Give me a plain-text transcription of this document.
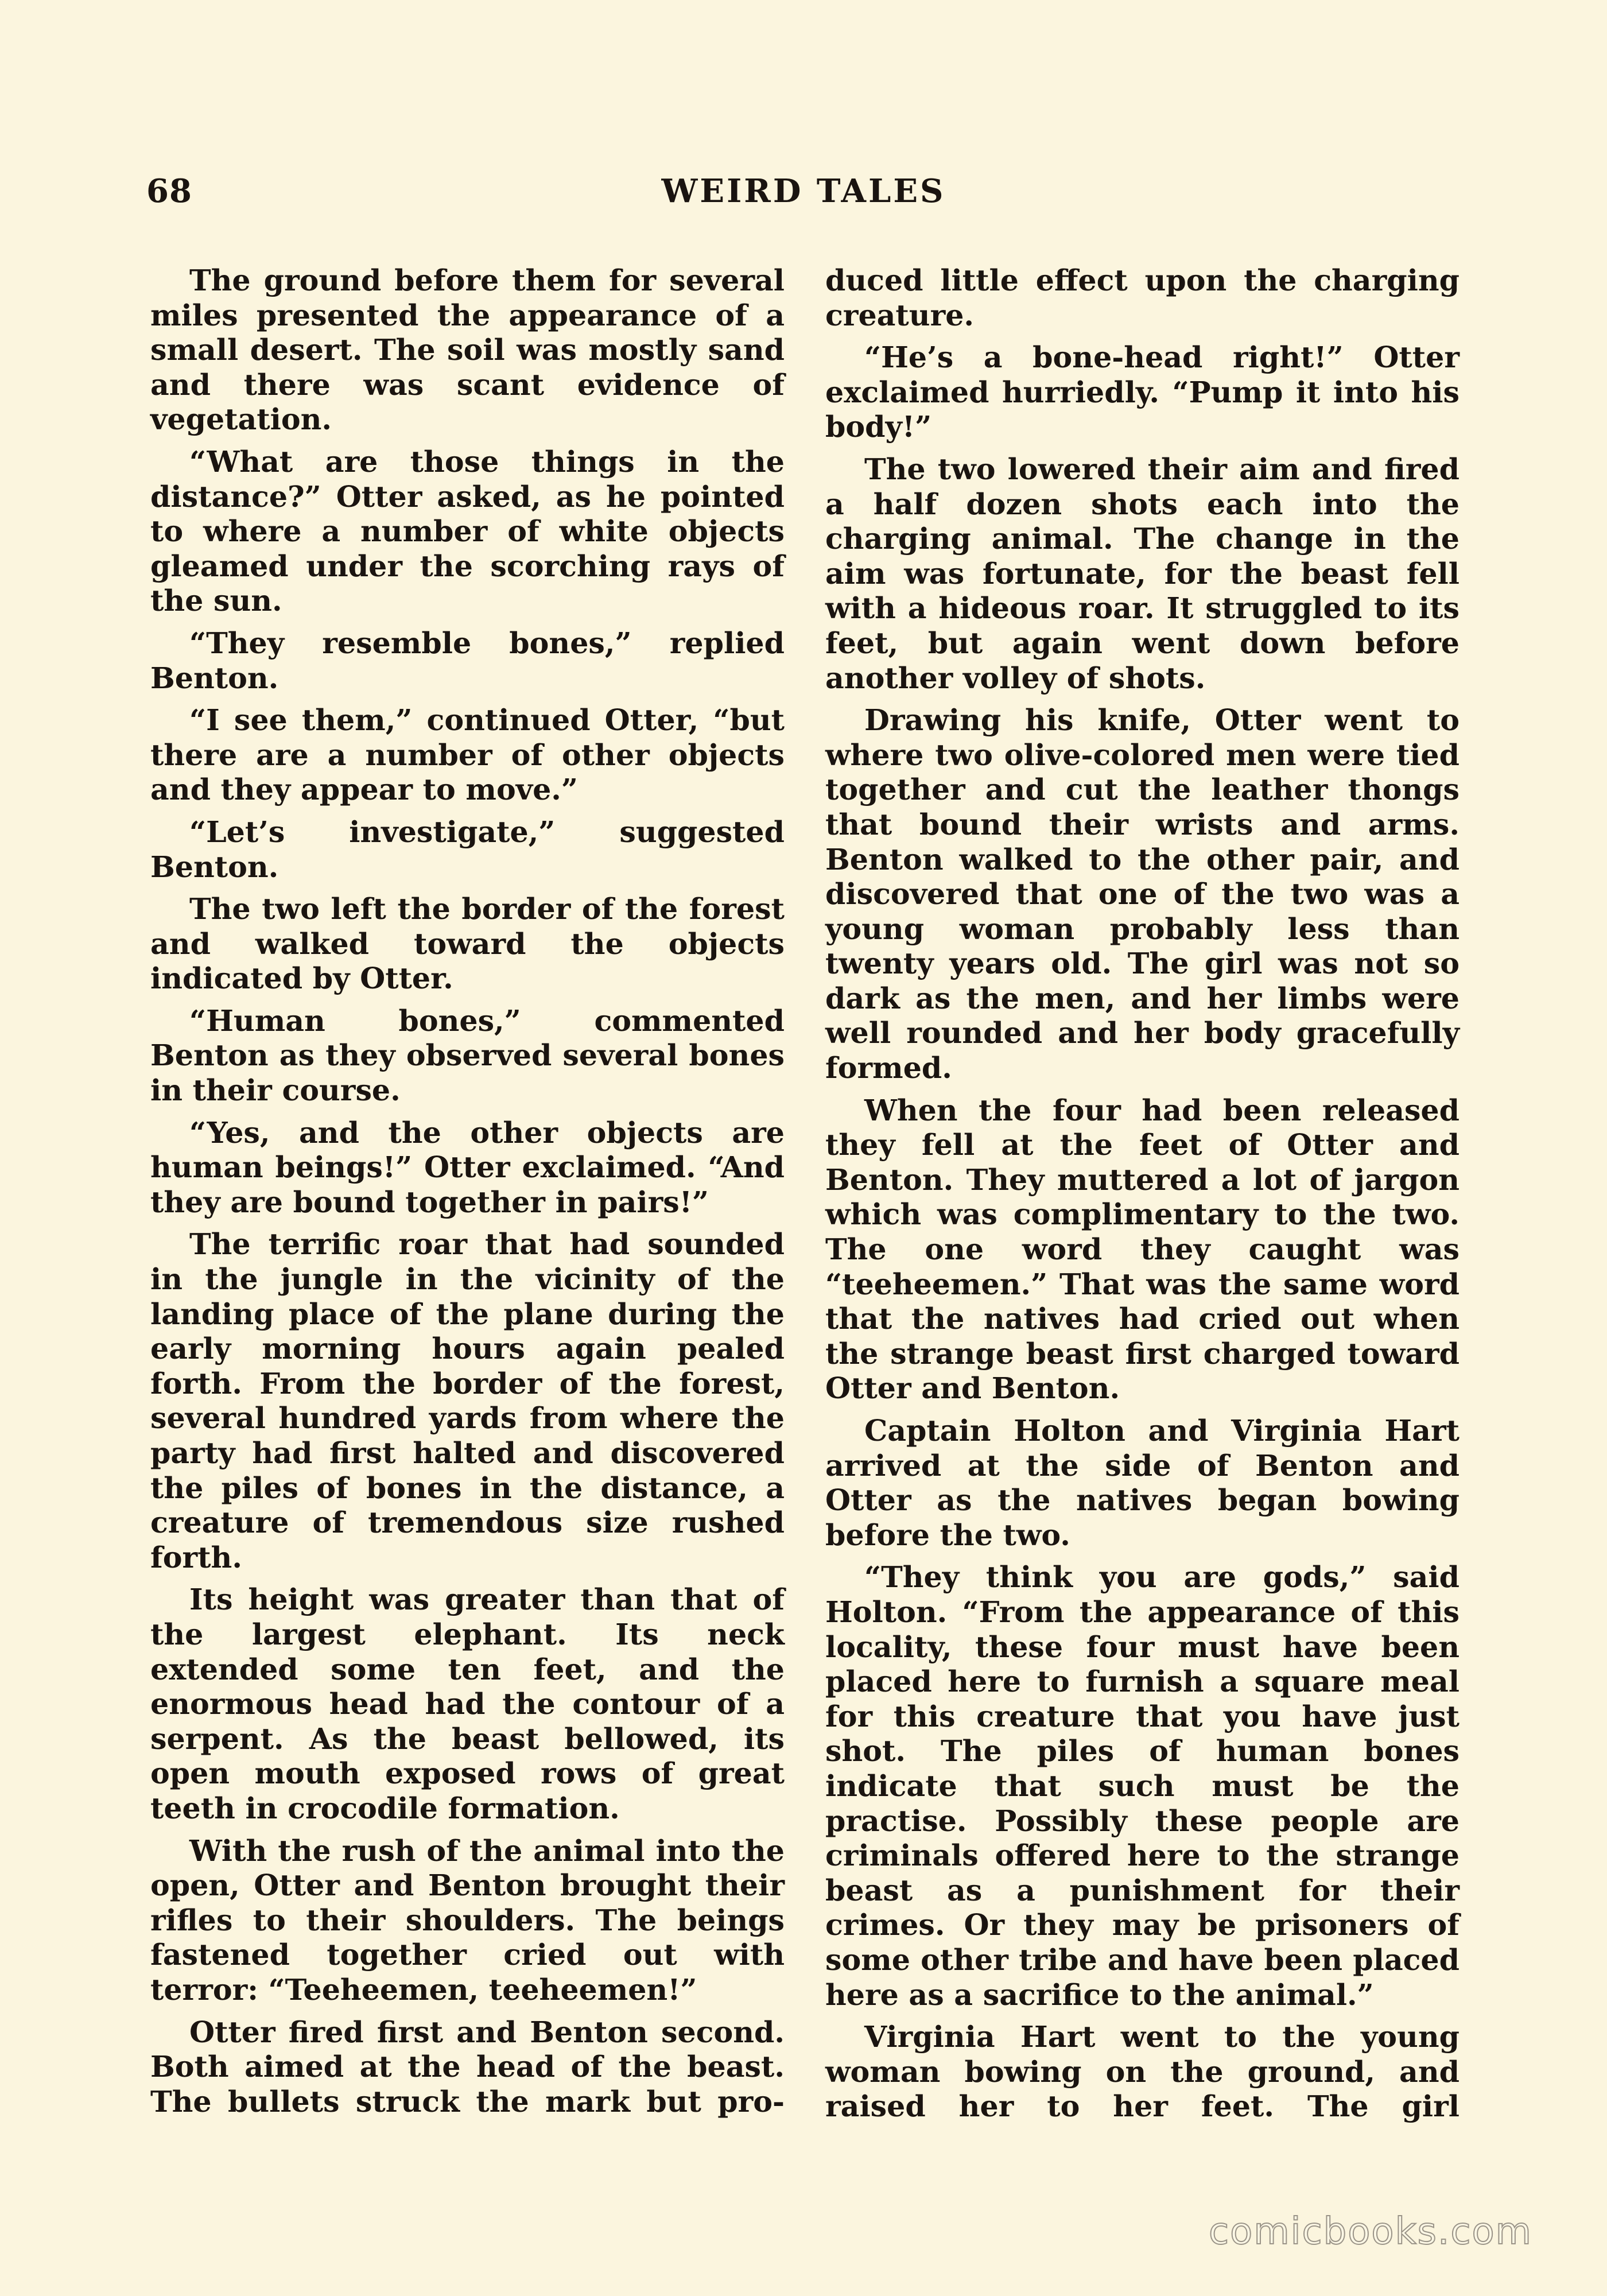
68	WEIRD TALES

The ground before them for several miles presented the appearance of a small desert. The soil was mostly sand and there was scant evidence of vegetation.

“What are those things in the distance?” Otter asked, as he pointed to where a number of white objects gleamed under the scorching rays of the sun.

“They resemble bones,” replied Benton.

“I see them,” continued Otter, “but there are a number of other objects and they appear to move.”

“Let’s investigate,” suggested Benton.

The two left the border of the forest and walked toward the objects indicated by Otter.

“Human bones,” commented Benton as they observed several bones in their course.

“Yes, and the other objects are human beings!” Otter exclaimed. “And they are bound together in pairs!”

The terrific roar that had sounded in the jungle in the vicinity of the landing place of the plane during the early morning hours again pealed forth. From the border of the forest, several hundred yards from where the party had first halted and discovered the piles of bones in the distance, a creature of tremendous size rushed forth.

Its height was greater than that of the largest elephant. Its neck extended some ten feet, and the enormous head had the contour of a serpent. As the beast bellowed, its open mouth exposed rows of great teeth in crocodile formation.

With the rush of the animal into the open, Otter and Benton brought their rifles to their shoulders. The beings fastened together cried out with terror: “Teeheemen, teeheemen!”

Otter fired first and Benton second. Both aimed at the head of the beast. The bullets struck the mark but pro-

duced little effect upon the charging creature.

“He’s a bone-head right!” Otter exclaimed hurriedly. “Pump it into his body!”

The two lowered their aim and fired a half dozen shots each into the charging animal. The change in the aim was fortunate, for the beast fell with a hideous roar. It struggled to its feet, but again went down before another volley of shots.

Drawing his knife, Otter went to where two olive-colored men were tied together and cut the leather thongs that bound their wrists and arms. Benton walked to the other pair, and discovered that one of the two was a young woman probably less than twenty years old. The girl was not so dark as the men, and her limbs were well rounded and her body gracefully formed.

When the four had been released they fell at the feet of Otter and Benton. They muttered a lot of jargon which was complimentary to the two. The one word they caught was “teeheemen.” That was the same word that the natives had cried out when the strange beast first charged toward Otter and Benton.

Captain Holton and Virginia Hart arrived at the side of Benton and Otter as the natives began bowing before the two.

“They think you are gods,” said Holton. “From the appearance of this locality, these four must have been placed here to furnish a square meal for this creature that you have just shot. The piles of human bones indicate that such must be the practise. Possibly these people are criminals offered here to the strange beast as a punishment for their crimes. Or they may be prisoners of some other tribe and have been placed here as a sacrifice to the animal.”

Virginia Hart went to the young woman bowing on the ground, and raised her to her feet. The girl

comicbooks.com
